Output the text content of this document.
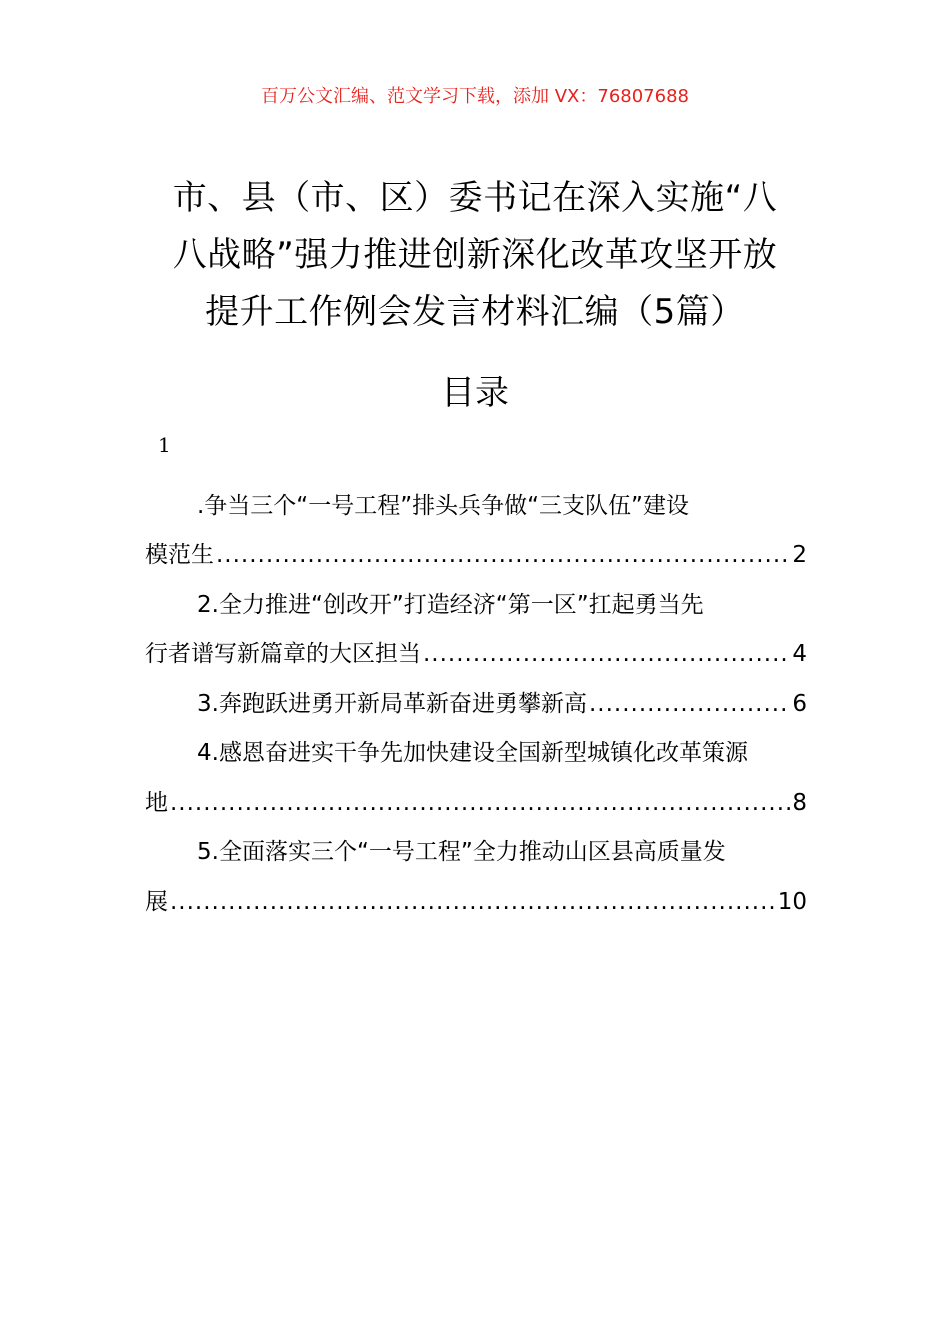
百万公文汇编、范文学习下载，添加 VX：76807688
市、县（市、区）委书记在深入实施“八
八战略”强力推进创新深化改革攻坚开放
提升工作例会发言材料汇编（5篇）
目录
1
.争当三个“一号工程”排头兵争做“三支队伍”建设
模范生 .....	2
2.全力推进“创改开”打造经济“第一区”扛起勇当先
行者谱写新篇章的大区担当 .....	4
3.奔跑跃进勇开新局革新奋进勇攀新高 .....	6
4.感恩奋进实干争先加快建设全国新型城镇化改革策源
地 .....	8
5.全面落实三个“一号工程”全力推动山区县高质量发
展 .....	10
